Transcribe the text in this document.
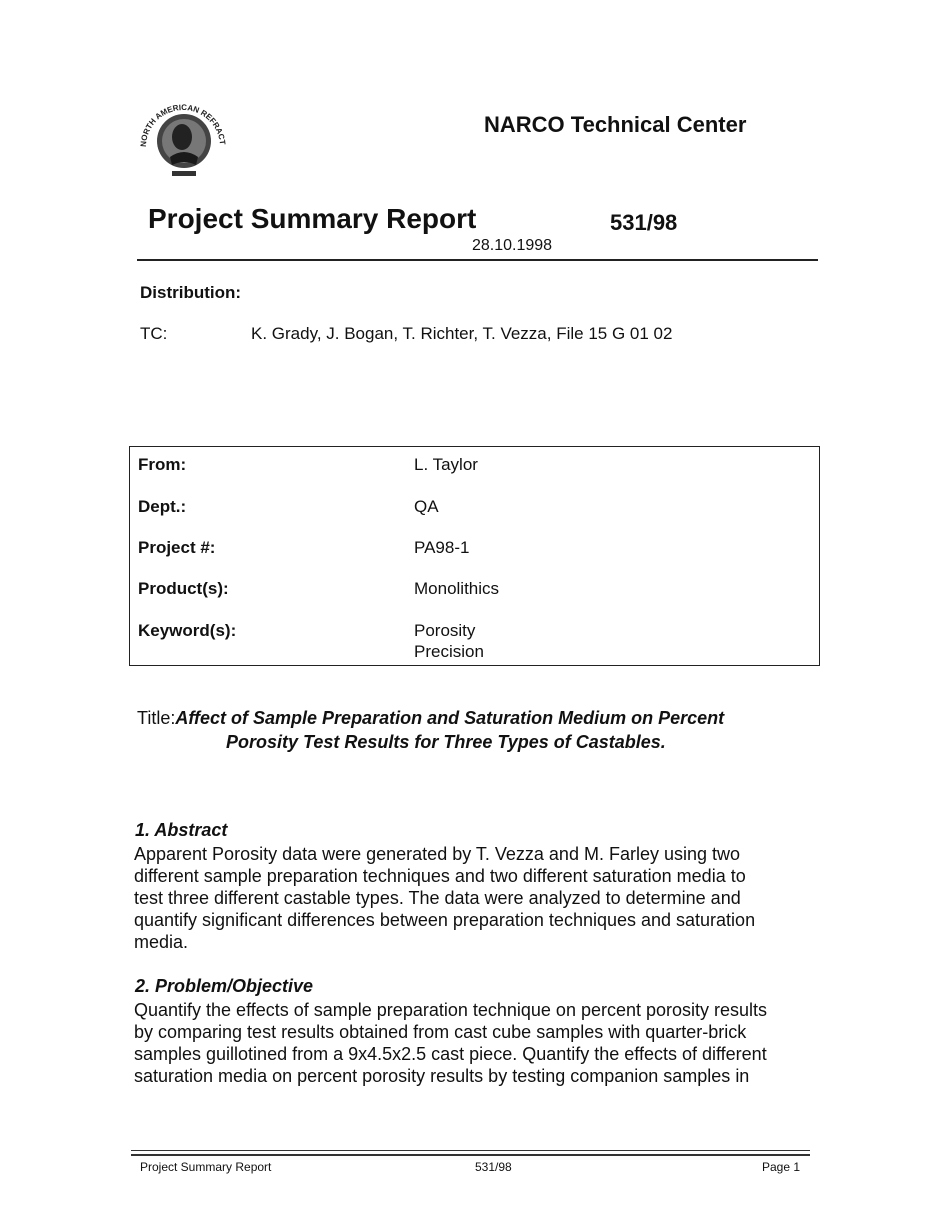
NORTH AMERICAN REFRACT
NARCO Technical Center
Project Summary Report	531/98
28.10.1998
Distribution:
TC:	K. Grady, J. Bogan, T. Richter, T. Vezza, File 15 G 01 02
From:	L. Taylor
Dept.:	QA
Project #:	PA98-1
Product(s):	Monolithics
Keyword(s):	Porosity
Precision
Title:Affect of Sample Preparation and Saturation Medium on Percent
Porosity Test Results for Three Types of Castables.
1. Abstract
Apparent Porosity data were generated by T. Vezza and M. Farley using two
different sample preparation techniques and two different saturation media to
test three different castable types. The data were analyzed to determine and
quantify significant differences between preparation techniques and saturation
media.
2. Problem/Objective
Quantify the effects of sample preparation technique on percent porosity results
by comparing test results obtained from cast cube samples with quarter-brick
samples guillotined from a 9x4.5x2.5 cast piece. Quantify the effects of different
saturation media on percent porosity results by testing companion samples in
Project Summary Report	531/98	Page 1
